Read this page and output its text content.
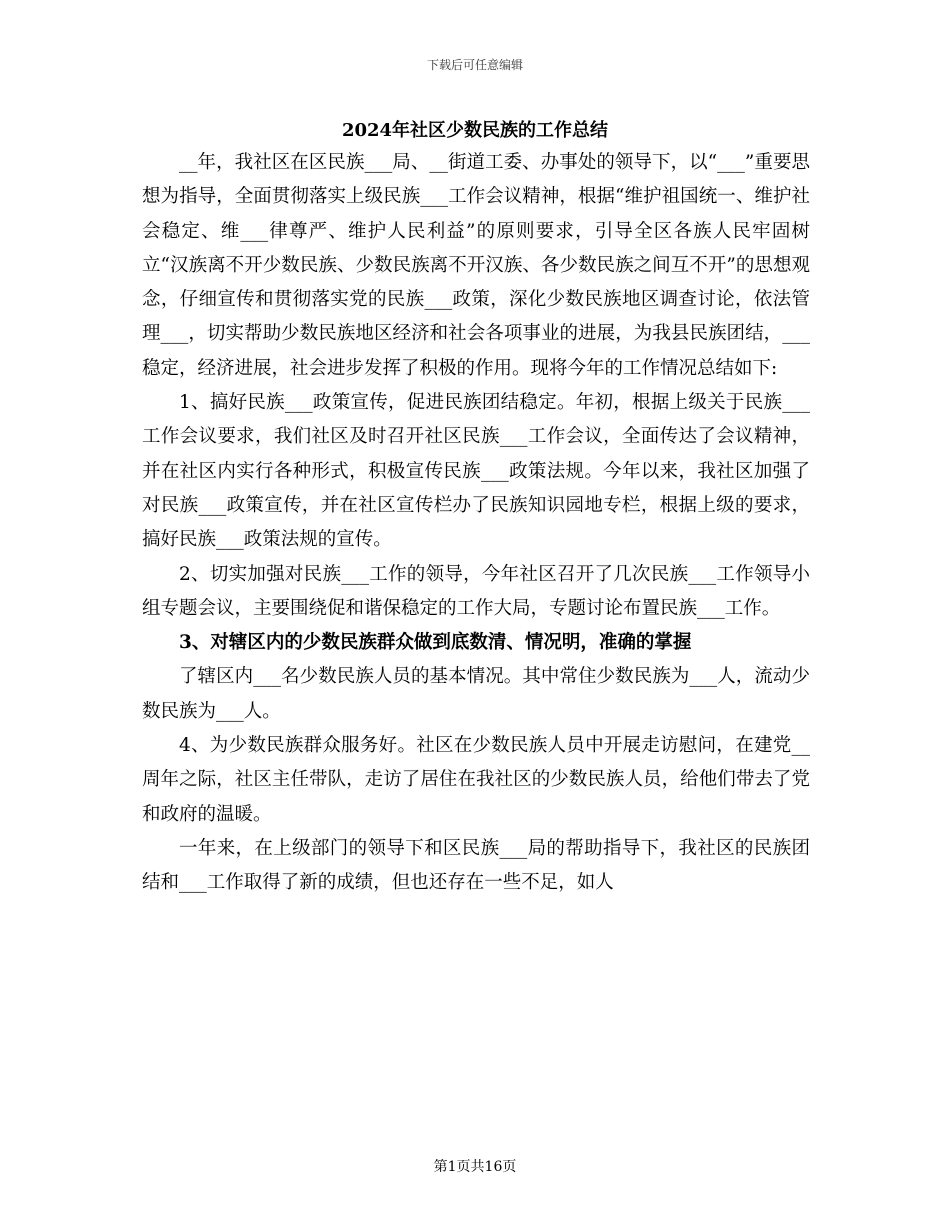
下载后可任意编辑
2024年社区少数民族的工作总结

__年，我社区在区民族___局、__街道工委、办事处的领导下，以“___”重要思想为指导，全面贯彻落实上级民族___工作会议精神，根据“维护祖国统一、维护社会稳定、维___律尊严、维护人民利益”的原则要求，引导全区各族人民牢固树立“汉族离不开少数民族、少数民族离不开汉族、各少数民族之间互不开”的思想观念，仔细宣传和贯彻落实党的民族___政策，深化少数民族地区调查讨论，依法管理___，切实帮助少数民族地区经济和社会各项事业的进展，为我县民族团结，___稳定，经济进展，社会进步发挥了积极的作用。现将今年的工作情况总结如下:

1、搞好民族___政策宣传，促进民族团结稳定。年初，根据上级关于民族___工作会议要求，我们社区及时召开社区民族___工作会议，全面传达了会议精神，并在社区内实行各种形式，积极宣传民族___政策法规。今年以来，我社区加强了对民族___政策宣传，并在社区宣传栏办了民族知识园地专栏，根据上级的要求，搞好民族___政策法规的宣传。

2、切实加强对民族___工作的领导，今年社区召开了几次民族___工作领导小组专题会议，主要围绕促和谐保稳定的工作大局，专题讨论布置民族___工作。

3、对辖区内的少数民族群众做到底数清、情况明，准确的掌握

了辖区内___名少数民族人员的基本情况。其中常住少数民族为___人，流动少数民族为___人。

4、为少数民族群众服务好。社区在少数民族人员中开展走访慰问，在建党__周年之际，社区主任带队，走访了居住在我社区的少数民族人员，给他们带去了党和政府的温暖。

一年来，在上级部门的领导下和区民族___局的帮助指导下，我社区的民族团结和___工作取得了新的成绩，但也还存在一些不足，如人

第1页共16页
